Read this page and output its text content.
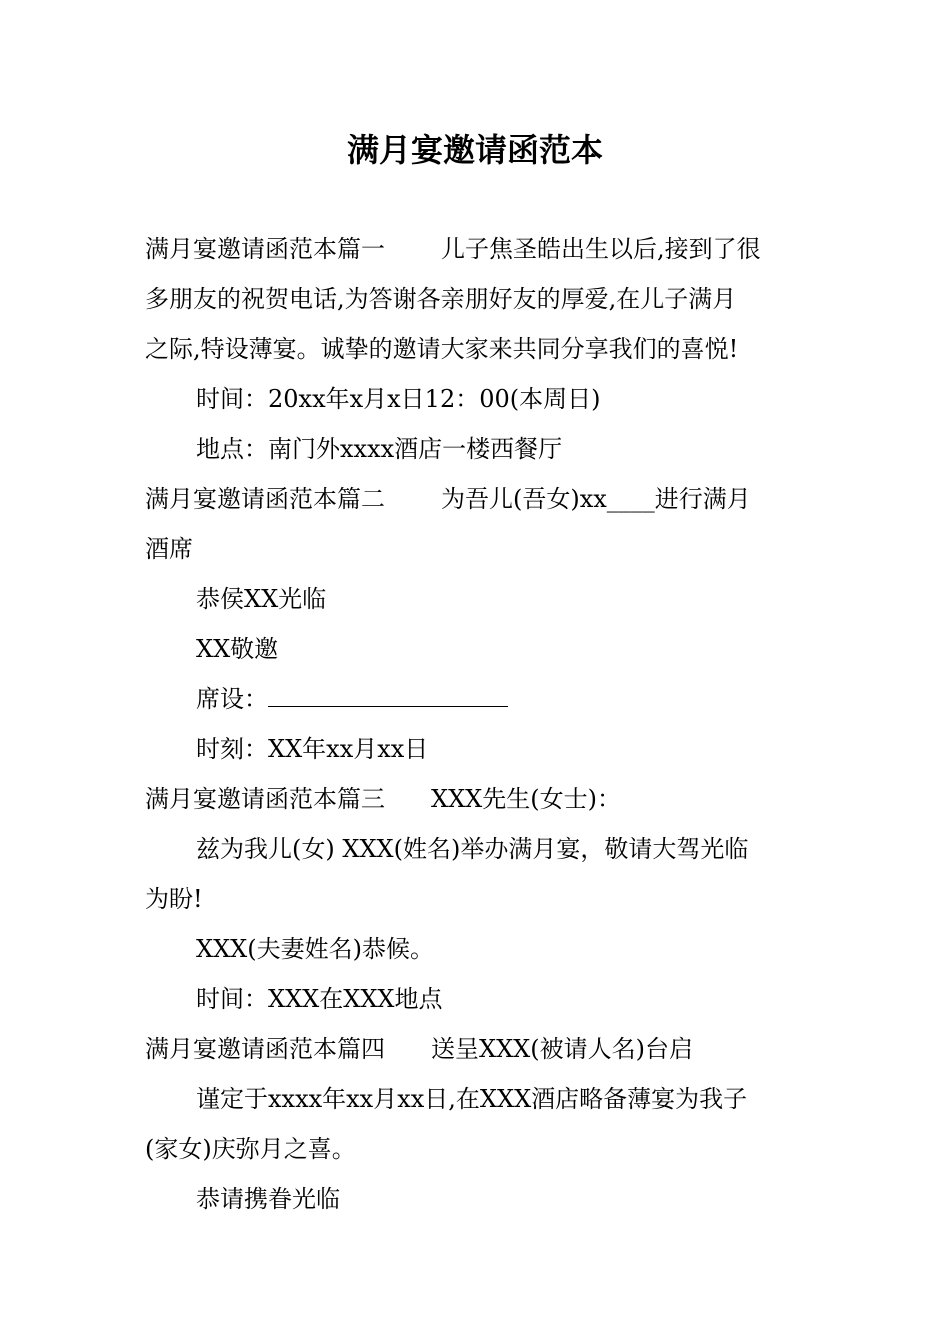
满月宴邀请函范本

满月宴邀请函范本篇一 儿子焦圣皓出生以后,接到了很

多朋友的祝贺电话,为答谢各亲朋好友的厚爱,在儿子满月

之际,特设薄宴。诚挚的邀请大家来共同分享我们的喜悦!

时间：20xx年x月x日12：00(本周日)

地点：南门外xxxx酒店一楼西餐厅

满月宴邀请函范本篇二 为吾儿(吾女)xx____进行满月

酒席

恭侯XX光临

XX敬邀

席设：

时刻：XX年xx月xx日

满月宴邀请函范本篇三 XXX先生(女士)：

兹为我儿(女) XXX(姓名)举办满月宴，敬请大驾光临

为盼!

XXX(夫妻姓名)恭候。

时间：XXX在XXX地点

满月宴邀请函范本篇四 送呈XXX(被请人名)台启

谨定于xxxx年xx月xx日,在XXX酒店略备薄宴为我子

(家女)庆弥月之喜。

恭请携眷光临
